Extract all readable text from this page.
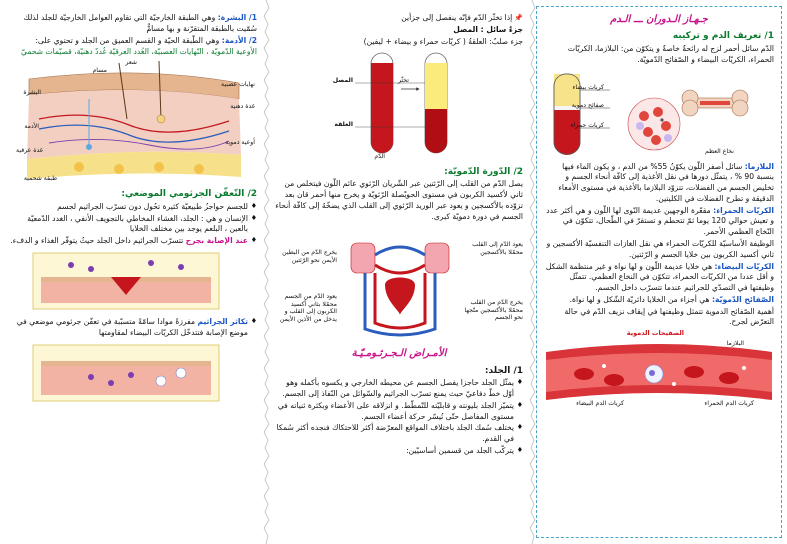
جـهـاز الـدوران ـــ الـدم
1/ تعريف الدم و تركيبه

الدّم سائل أحمر لزج له رائحةٌ خاصةٌ و يتكوّن من: البلازما، الكريّات الحمراء، الكريّات البيضاء و الصّفائح الدّمويّة.

كريات بيضاء
صفائح دموية
كريات حمراء
نخاع العظم

البلازما: سائل أصفر اللّون يكوّنُ 55% من الدم ، و يكون الماء فيها بنسبة 90 % ، يتمثّل دورها في نقل الأغذية إلى كافّة أنحاء الجسم و تخليص الجسم من الفضلات، تتزوّد البلازما بالأغذية في مستوى الأمعاء الدقيقة و تطرح الفضلات في الكليتين.

الكريّات الحمراء: مقعّرة الوجهين عديمة النّوى لها اللّون و هي أكثر عدد و تعيش حوالي 120 يوما ثمّ تتحطم و تستقرّ في الطّحال، تتكوّن في النّخاع العظمي الأحمر.

الوظيفة الأساسيّة للكريّات الحمراء هي نقل الغازات التنفسيّة الأكسجين و ثاني أكسيد الكربون بين خلايا الجسم و الرّئتين.

الكريّات البيضاء: هي خلايا عديمة اللّون و لها نواة و غير منتظمة الشكل و أقل عددا من الكريّات الحمراء، تتكوّن في النخاع العظمي. تتمثّل وظيفتها في التصدّي للجراثيم عندما تتسرّب داخل الجسم.

الصّفائح الدّمويّة: هي أجزاء من الخلايا دائريّة الشّكل و لها نواة.

أهمية الصّفائح الدموية تتمثل وظيفتها في إيقاف نزيف الدّم في حالة التعرّض لجرح.

الصفيحات الدموية
البلازما
كريات الدم الحمراء
كريات الدم البيضاء

📌إذا تخثّر الدّم فإنّه ينفصل إلى جزأين

جزءٌ سائل : المصل

جزء صلبٌ: العلقةُ ( كريّات حمراء و بيضاء + ليفين)

المصل
العلقة
تخثّر
الدّم
2/ الدّورة الدّمويّة:

يصل الدّم من القلب إلى الرّئتين عبر الشّريان الرّئوي عائم اللّون فيتخلص من ثاني لأكسيد الكربون في مستوى الحويْصلة الرّئويّة و يخرج منها أحمر قان بعد تزوّده بالأكسجين و يعود عبر الوريد الرّئوي إلى القلب الذي يضخّهُ إلى كافّة أنحاء الجسم في دورة دمويّة كبرى.

يعود الدّم إلى القلب محمّلا بالأكسجين
يخرج الدّم من البطين الأيمن نحو الرّئتين
يخرج الدّم من القلب محمّلا بالأكسجين متّجها نحو الجسم
يعود الدّم من الجسم محمّلا بثاني أكسيد الكربون إلى القلب و يدخل من الأذين الأيمن
الأمـراض الـجـرثـومـيّـة
1/ الجلد:

♦ يمثّل الجلد حاجزا يفصل الجسم عن محيطه الخارجي و يكسوه بأكمله وهو أوّل خطّ دفاعيّ حيث يمنع تسرّب الجراثيم والسّوائل من النّفاذ إلى الجسم.

♦ يتميّز الجلد بليونته و قابليّته للتّمطّط. و انزلاقه على الأعضاء وبكثرة ثنياته في مستوى المفاصل حتّى تُيسّر حركة أعضاء الجسم.

♦ يختلف سُمك الجلد باختلاف المواقع المعرّضة أكثر للاحتكاك فنجده أكثر سُمكا في القدم.

♦ يتركّب الجلد من قسمين أساسيّين:

1/ البشرة: وهي الطبقة الخارجيّة التي تقاوم العوامل الخارجيّة للجلد لذلك سُمّيت بالطبقة المتقرّنة و بها مسامٌّ

2/ الأدمة: وهي الطّبقة الحيّة و القسم العميق من الجلد و تحتوي على:

الأوعية الدّمويّة ، النّهايات العصبيّة، الغُدد العرقيّة غُددٌ دهنيّة، قصيّمات شحميّ

شعر
مسام
البشرة
الأدمة
نهايات عصبية
غدة دهنية
غدة عرقية
أوعية دموية
طبقة شحمية
2/ التّعفّن الجرثومي الموضعي:

♦ للجسم حواجزُ طبيعيّة كثيرة تحُول دون تسرّب الجراثيم لجسم

♦ الإنسان و هي : الجلد، الغشاء المخاطي بالتجويف الأنفي ، الغدد الدّمعيّة بالعين ، البلعم يوجد بين مختلف الخلايا

♦ عند الإصابة بجرح تتسرّب الجراثيم داخل الجلد حيثُ يتوفّر الغذاء و الدفء.

♦ تكاثر الجراثيم مفرزةً موادا سامّةً متسبّبة في تعفّن جرثومي موضعي في موضع الإصابة فتتدخّل الكريّات البيضاء لمقاومتها
